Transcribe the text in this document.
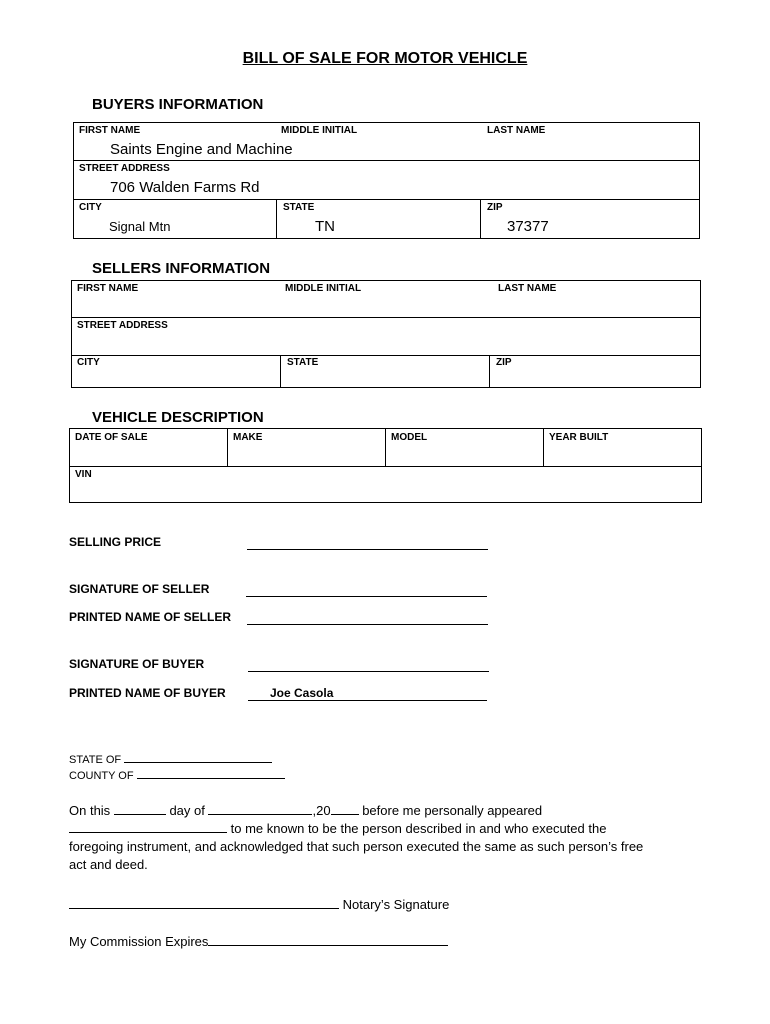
BILL OF SALE FOR MOTOR VEHICLE
BUYERS INFORMATION
FIRST NAME	MIDDLE INITIAL	LAST NAME
Saints Engine and Machine
STREET ADDRESS
706 Walden Farms Rd
CITY	STATE	ZIP
Signal Mtn	TN	37377
SELLERS INFORMATION
FIRST NAME	MIDDLE INITIAL	LAST NAME
STREET ADDRESS
CITY	STATE	ZIP
VEHICLE DESCRIPTION
DATE OF SALE	MAKE	MODEL	YEAR BUILT
VIN
SELLING PRICE
SIGNATURE OF SELLER
PRINTED NAME OF SELLER
SIGNATURE OF BUYER
PRINTED NAME OF BUYER	Joe Casola
STATE OF
COUNTY OF
On this	day of	,20 before me personally appeared
to me known to be the person described in and who executed the
foregoing instrument, and acknowledged that such person executed the same as such person’s free
act and deed.
Notary’s Signature
My Commission Expires
